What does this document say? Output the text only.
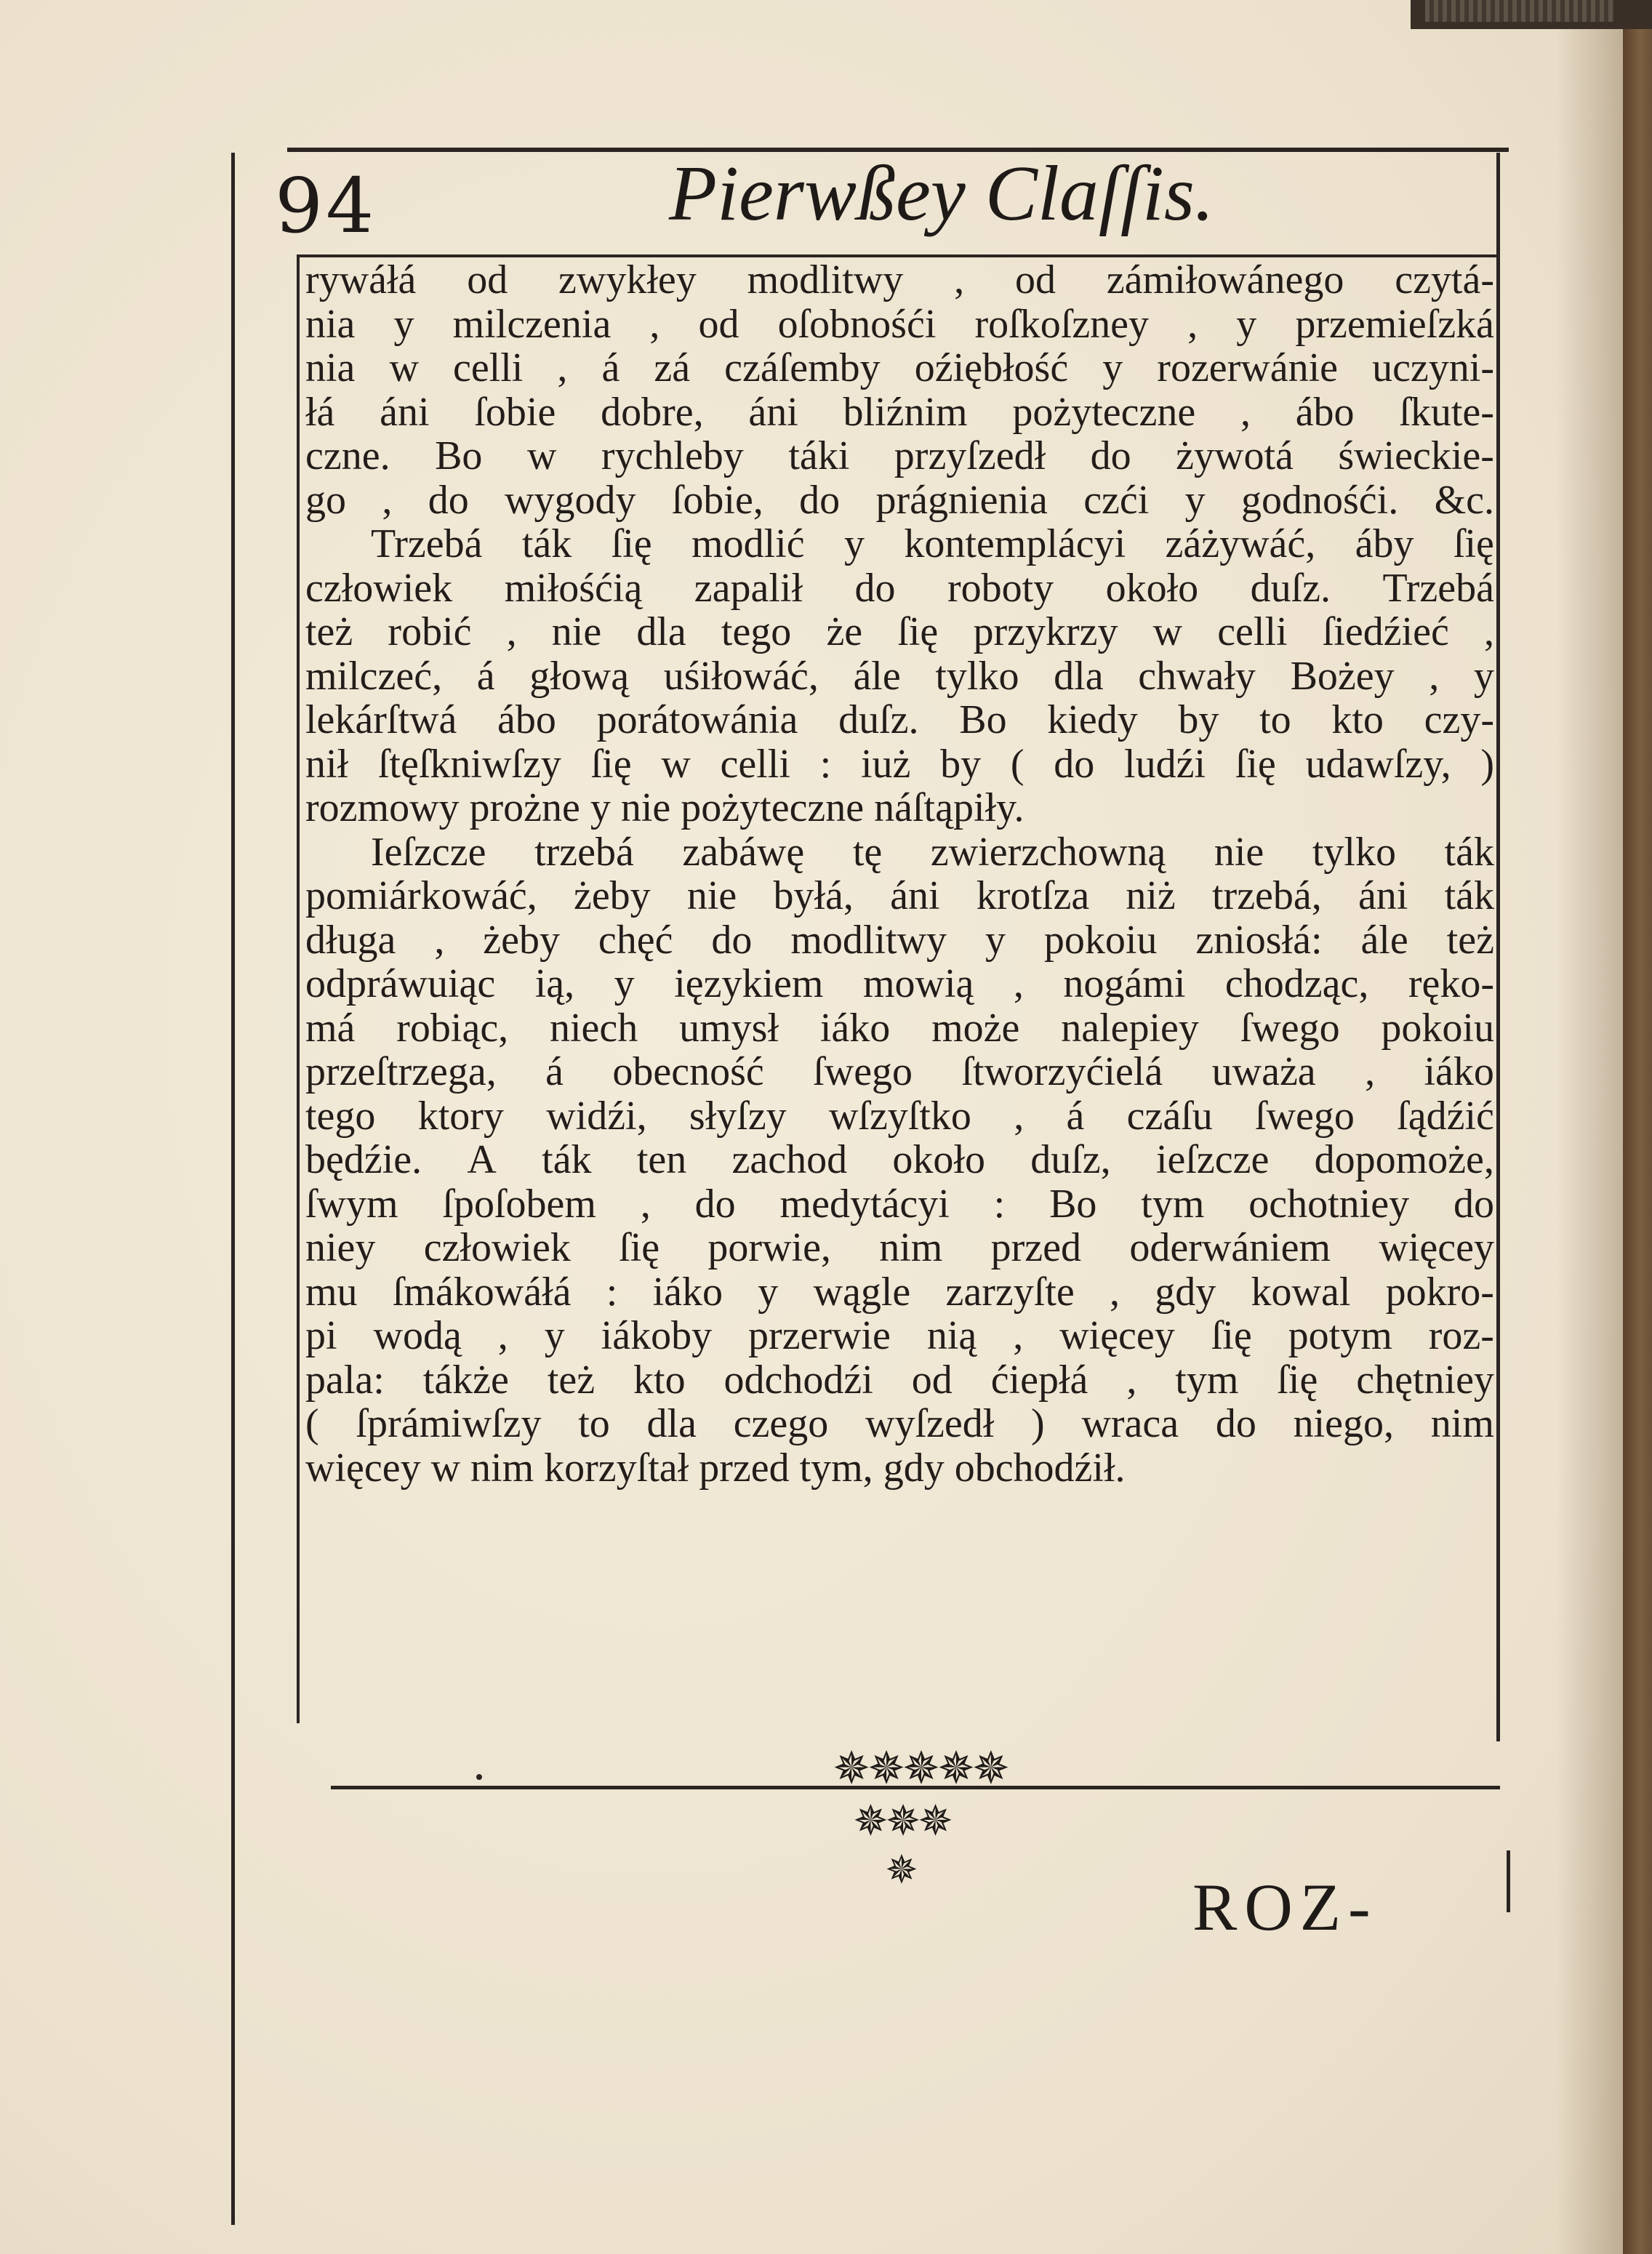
94	Pierwßey Claſſis.
rywáłá od zwykłey modlitwy , od zámiłowánego czytá-
nia y milczenia , od oſobnośći roſkoſzney , y przemieſzká
nia w celli , á zá czáſemby oźiębłość y rozerwánie uczyni-
łá áni ſobie dobre, áni bliźnim pożyteczne , ábo ſkute-
czne. Bo w rychleby táki przyſzedł do żywotá świeckie-
go , do wygody ſobie, do prágnienia czći y godnośći. &c.
Trzebá ták ſię modlić y kontemplácyi záżywáć, áby ſię
człowiek miłośćią zapalił do roboty około duſz. Trzebá
też robić , nie dla tego że ſię przykrzy w celli ſiedźieć ,
milczeć, á głową uśiłowáć, ále tylko dla chwały Bożey , y
lekárſtwá ábo porátowánia duſz. Bo kiedy by to kto czy-
nił ſtęſkniwſzy ſię w celli : iuż by ( do ludźi ſię udawſzy, )
rozmowy prożne y nie pożyteczne náſtąpiły.
Ieſzcze trzebá zabáwę tę zwierzchowną nie tylko ták
pomiárkowáć, żeby nie byłá, áni krotſza niż trzebá, áni ták
długa , żeby chęć do modlitwy y pokoiu zniosłá: ále też
odpráwuiąc ią, y ięzykiem mowią , nogámi chodząc, ręko-
má robiąc, niech umysł iáko może nalepiey ſwego pokoiu
przeſtrzega, á obecność ſwego ſtworzyćielá uważa , iáko
tego ktory widźi, słyſzy wſzyſtko , á czáſu ſwego ſądźić
będźie. A ták ten zachod około duſz, ieſzcze dopomoże,
ſwym ſpoſobem , do medytácyi : Bo tym ochotniey do
niey człowiek ſię porwie, nim przed oderwániem więcey
mu ſmákowáłá : iáko y wągle zarzyſte , gdy kowal pokro-
pi wodą , y iákoby przerwie nią , więcey ſię potym roz-
pala: tákże też kto odchodźi od ćiepłá , tym ſię chętniey
( ſprámiwſzy to dla czego wyſzedł ) wraca do niego, nim
więcey w nim korzyſtał przed tym, gdy obchodźił.
✵✵✵✵✵
✵✵✵
✵
ROZ-
